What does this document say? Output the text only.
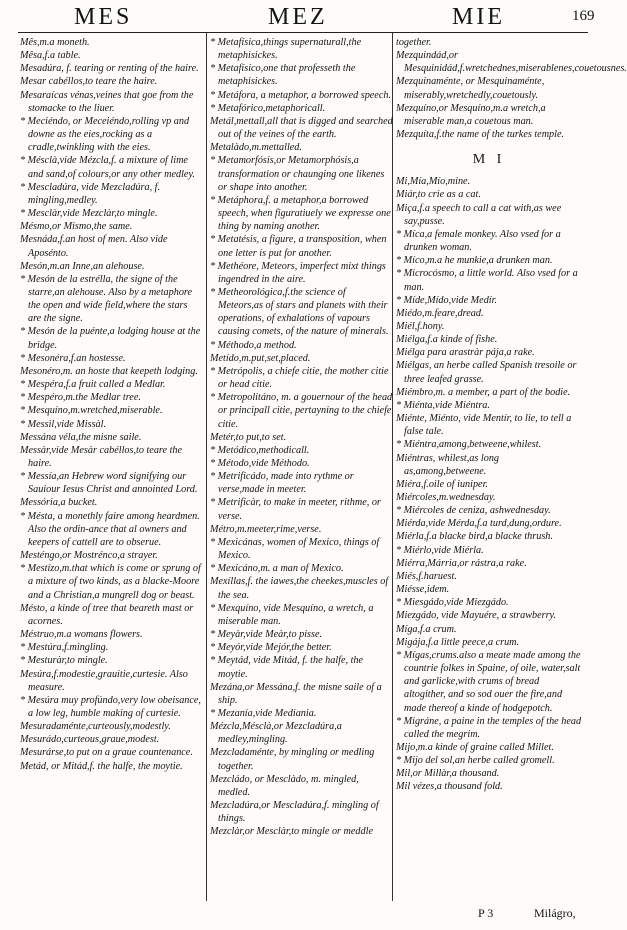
MES	MEZ	MIE	169

Mês,m.a moneth.

Mêsa,f.a table.

Mesadúra, f. tearing or renting of the haire.

Mesar cabéllos,to teare the haire.

Mesaraícas vénas,veines that goe from the stomacke to the liuer.

* Meciéndo, or Meceiéndo,rolling vp and downe as the eies,rocking as a cradle,twinkling with the eies.

* Mésclà,vide Mézcla,f. a mixture of lime and sand,of colours,or any other medley.

* Mescladúra, vide Mezcladúra, f. mingling,medley.

* Mesclàr,vide Mezclàr,to mingle.

Mésmo,or Mismo,the same.

Mesnáda,f.an host of men. Also vide Aposénto.

Mesón,m.an Inne,an alehouse.

* Mesón de la estrélla, the signe of the starre,an alehouse. Also by a metaphore the open and wide field,where the stars are the signe.

* Mesón de la puénte,a lodging house at the bridge.

* Mesonéra,f.an hostesse.

Mesonéro,m. an hoste that keepeth lodging.

* Mespéra,f.a fruit called a Medlar.

* Mespéro,m.the Medlar tree.

* Mesquíno,m.wretched,miserable.

* Messìl,vide Missàl.

Messána véla,the misne saile.

Messàr,vide Mesàr cabéllos,to teare the haire.

* Messía,an Hebrew word signifying our Sauiour Iesus Christ and annointed Lord.

Messória,a bucket.

* Mésta, a monethly faire among heardmen. Also the ordin-ance that al owners and keepers of cattell are to obserue.

Mesténgo,or Mostrénco,a strayer.

* Mestízo,m.that which is come or sprung of a mixture of two kinds, as a blacke-Moore and a Christian,a mungrell dog or beast.

Mésto, a kinde of tree that beareth mast or acornes.

Méstruo,m.a womans flowers.

* Mestúra,f.mingling.

* Mesturàr,to mingle.

Mesúra,f.modestie,grauitie,curtesie. Also measure.

* Mesúra muy profúndo,very low obeisance, a low leg, humble making of curtesie.

Mesuradaménte,curteously,modestly.

Mesurádo,curteous,graue,modest.

Mesurárse,to put on a graue countenance.

Metád, or Mitád,f. the halfe, the moytie.

* Metafísica,things supernaturall,the metaphisickes.

* Metafísico,one that professeth the metaphisickes.

* Metáfora, a metaphor, a borrowed speech.

* Metafórico,metaphoricall.

Metál,mettall,all that is digged and searched out of the veines of the earth.

Metalàdo,m.mettalled.

* Metamorfósis,or Metamorphósis,a transformation or chaunging one likenes or shape into another.

* Metáphora,f. a metaphor,a borrowed speech, when figuratiuely we expresse one thing by naming another.

* Metatésis, a figure, a transposition, when one letter is put for another.

* Methéore, Meteors, imperfect mixt things ingendred in the aire.

* Metheorológica,f.the science of Meteors,as of stars and planets with their operations, of exhalations of vapours causing comets, of the nature of minerals.

* Méthodo,a method.

Metído,m.put,set,placed.

* Metrópolis, a chiefe citie, the mother citie or head citie.

* Metropolitáno, m. a gouernour of the head or principall citie, pertayning to the chiefe citie.

Metér,to put,to set.

* Metódico,methodicall.

* Método,vide Méthodo.

* Metrificádo, made into rythme or verse,made in meeter.

* Metrificàr, to make in meeter, rithme, or verse.

Métro,m.meeter,rime,verse.

* Mexicánas, women of Mexico, things of Mexico.

* Mexicáno,m. a man of Mexico.

Mexíllas,f. the iawes,the cheekes,muscles of the sea.

* Mexquíno, vide Mesquíno, a wretch, a miserable man.

* Meyàr,vide Meàr,to pisse.

* Meyór,vide Mejór,the better.

* Meytád, vide Mitád, f. the halfe, the moytie.

Mezána,or Messána,f. the misne saile of a ship.

* Mezanía,vide Mediania.

Mézcla,Mésclà,or Mezcladúra,a medley,mingling.

Mezcladaménte, by mingling or medling together.

Mezcládo, or Mesclàdo, m. mingled, medled.

Mezcladúra,or Mescladúra,f. mingling of things.

Mezclàr,or Mesclàr,to mingle or meddle

together.

Mezquindád,or Mesquinidád,f.wretchednes,miserablenes,couetousnes.

Mezquinaménte, or Mesquinaménte, miserably,wretchedly,couetously.

Mezquíno,or Mesquíno,m.a wretch,a miserable man,a couetous man.

Mezquíta,f.the name of the turkes temple.

M I

Mi,Mía,Mío,mine.

Miár,to crie as a cat.

Miça,f.a speech to call a cat with,as wee say,pusse.

* Míca,a female monkey. Also vsed for a drunken woman.

* Míco,m.a he munkie,a drunken man.

* Microcósmo, a little world. Also vsed for a man.

* Míde,Mído,vide Medír.

Miédo,m.feare,dread.

Miél,f.hony.

Miélga,f.a kinde of fishe.

Miélga para arastràr pája,a rake.

Miélgas, an herbe called Spanish tresoile or three leafed grasse.

Miémbro,m. a member, a part of the bodie.

* Miénta,vide Miéntra.

Miénte, Miénto, vide Mentír, to lie, to tell a false tale.

* Miéntra,among,betweene,whilest.

Miéntras, whilest,as long as,among,betweene.

Miéra,f.oile of iuniper.

Miércoles,m.wednesday.

* Miércoles de ceniza, ashwednesday.

Miérda,vide Mérda,f.a turd,dung,ordure.

Miérla,f.a blacke bird,a blacke thrush.

* Miérlo,vide Miérla.

Miérra,Márria,or rástra,a rake.

Miés,f.haruest.

Miésse,idem.

* Miesgádo,vide Miezgádo.

Miezgádo, vide Mayuére, a strawberry.

Míga,f.a crum.

Migája,f.a little peece,a crum.

* Mígas,crums.also a meate made among the countrie folkes in Spaine, of oile, water,salt and garlicke,with crums of bread altogither, and so sod ouer the fire,and made thereof a kinde of hodgepotch.

* Migráne, a paine in the temples of the head called the megrim.

Mijo,m.a kinde of graine called Millet.

* Mijo del sol,an herbe called gromell.

Mil,or Millàr,a thousand.

Mil vézes,a thousand fold.

P 3	Milágro,
